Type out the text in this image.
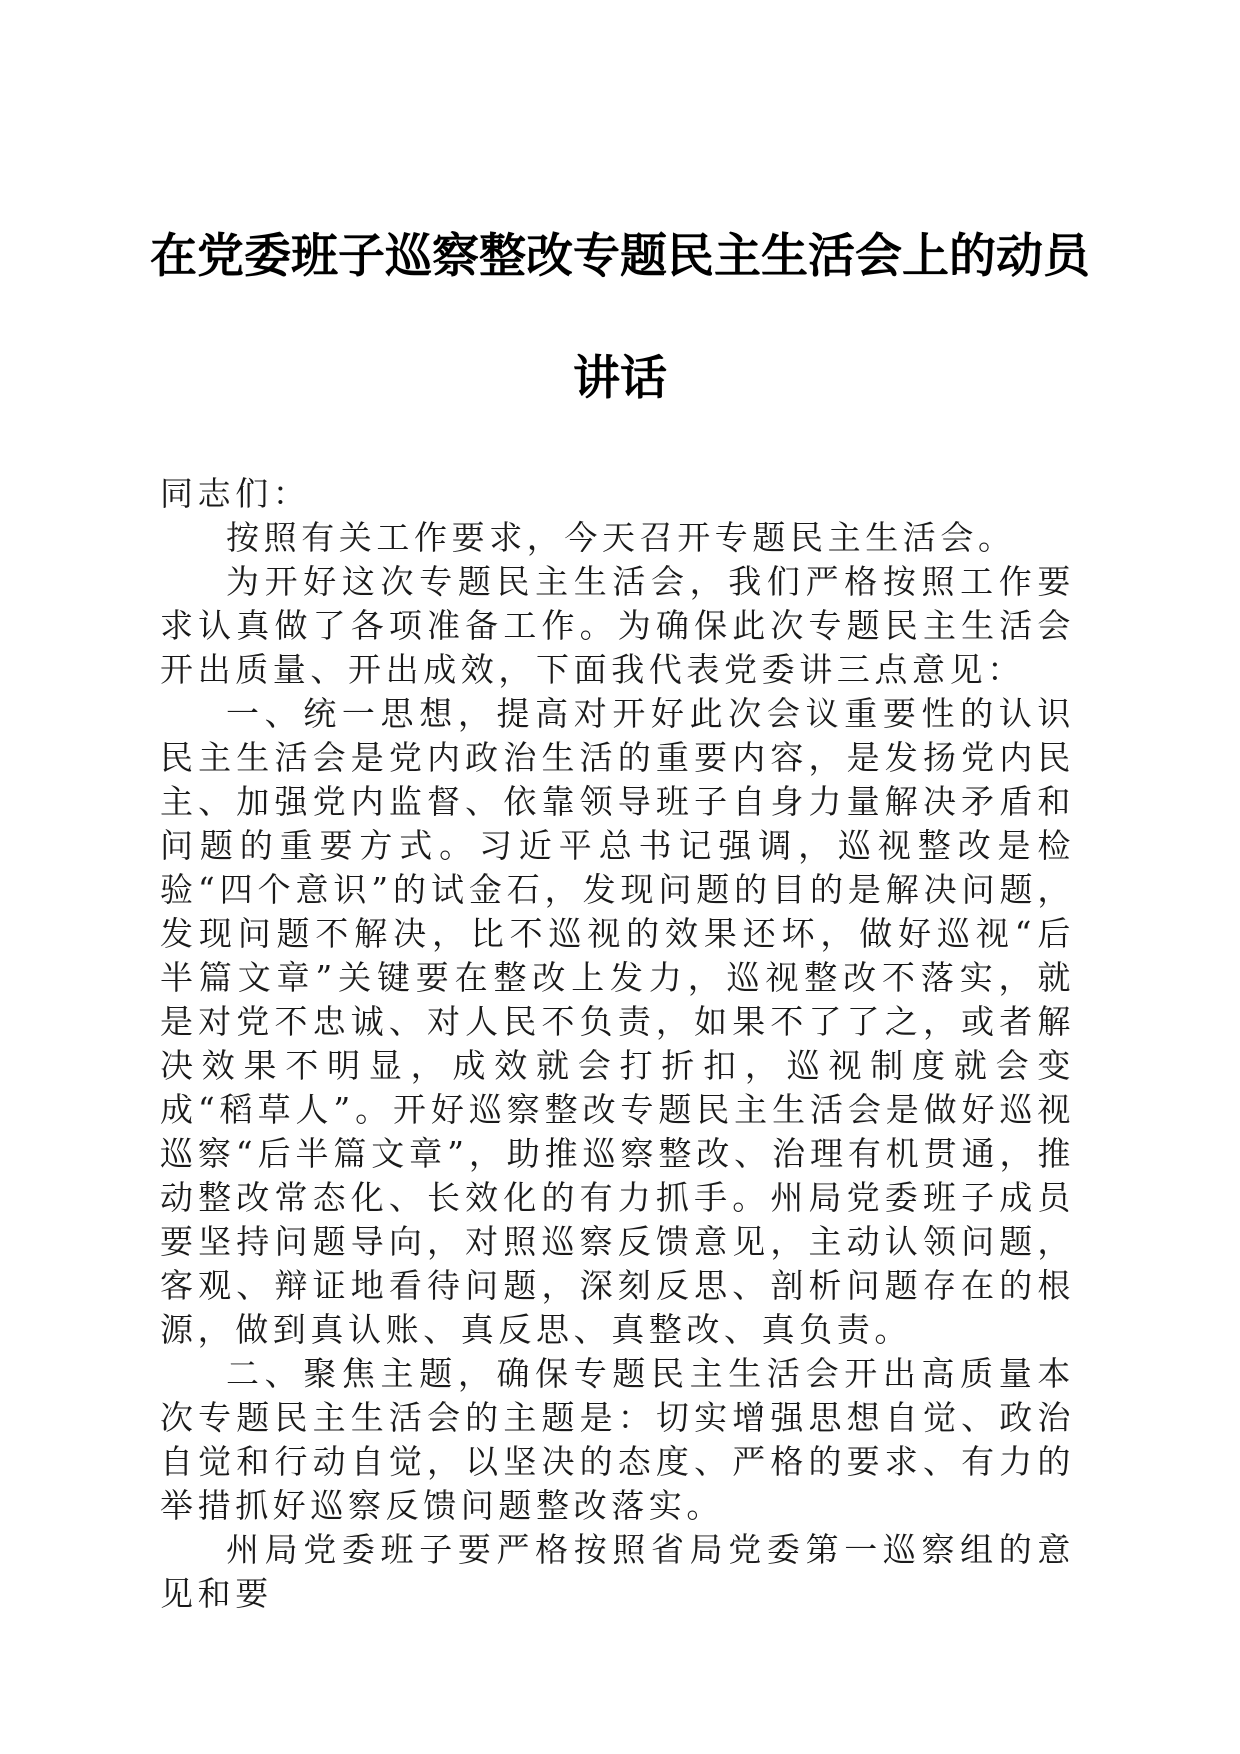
在党委班子巡察整改专题民主生活会上的动员
讲话

同志们：

按照有关工作要求，今天召开专题民主生活会。

为开好这次专题民主生活会，我们严格按照工作要求认真做了各项准备工作。为确保此次专题民主生活会开出质量、开出成效，下面我代表党委讲三点意见：

一、统一思想，提高对开好此次会议重要性的认识民主生活会是党内政治生活的重要内容，是发扬党内民主、加强党内监督、依靠领导班子自身力量解决矛盾和问题的重要方式。习近平总书记强调，巡视整改是检验“四个意识”的试金石，发现问题的目的是解决问题，发现问题不解决，比不巡视的效果还坏，做好巡视“后半篇文章”关键要在整改上发力，巡视整改不落实，就是对党不忠诚、对人民不负责，如果不了了之，或者解决效果不明显，成效就会打折扣，巡视制度就会变成“稻草人”。开好巡察整改专题民主生活会是做好巡视巡察“后半篇文章”，助推巡察整改、治理有机贯通，推动整改常态化、长效化的有力抓手。州局党委班子成员要坚持问题导向，对照巡察反馈意见，主动认领问题，客观、辩证地看待问题，深刻反思、剖析问题存在的根源，做到真认账、真反思、真整改、真负责。

二、聚焦主题，确保专题民主生活会开出高质量本次专题民主生活会的主题是：切实增强思想自觉、政治自觉和行动自觉，以坚决的态度、严格的要求、有力的举措抓好巡察反馈问题整改落实。

州局党委班子要严格按照省局党委第一巡察组的意见和要
